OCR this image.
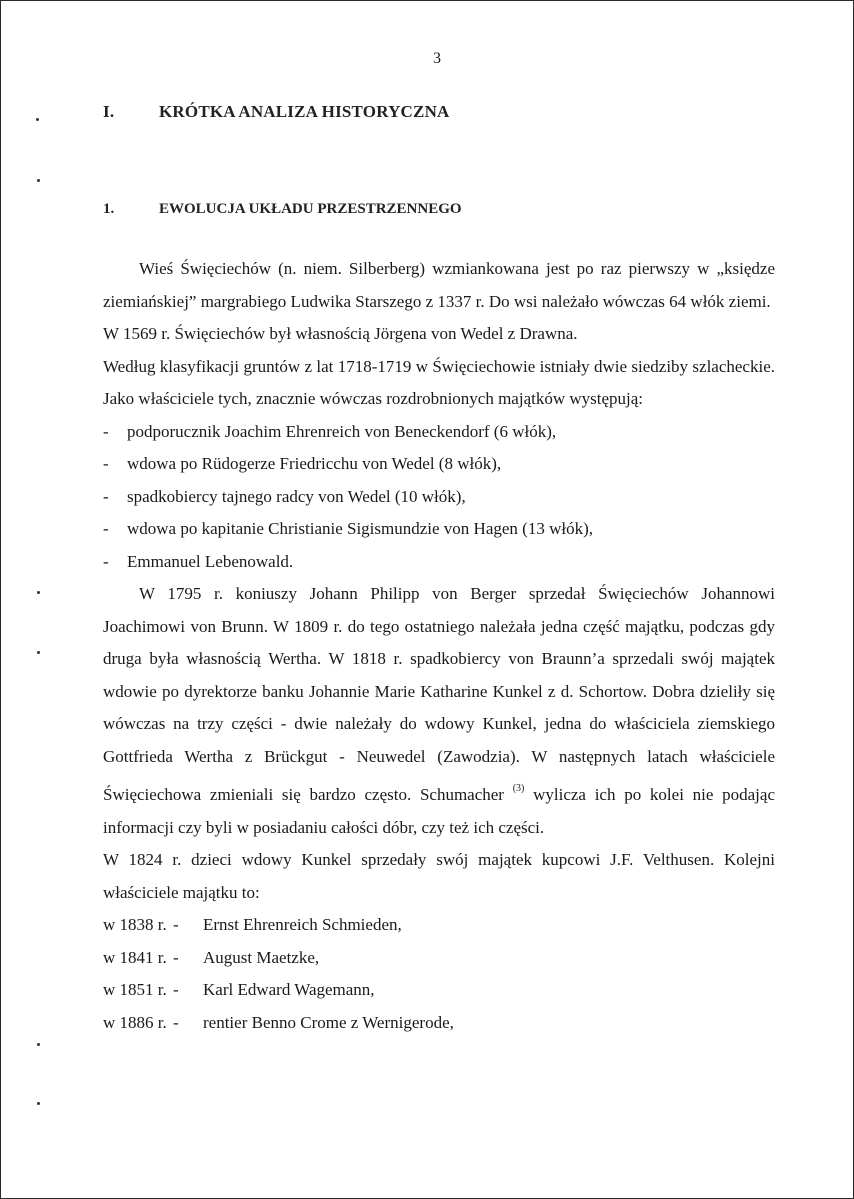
3
I.	KRÓTKA ANALIZA HISTORYCZNA
1.	EWOLUCJA UKŁADU PRZESTRZENNEGO

Wieś Święciechów (n. niem. Silberberg) wzmiankowana jest po raz pierwszy w „księdze ziemiańskiej” margrabiego Ludwika Starszego z 1337 r. Do wsi należało wówczas 64 włók ziemi.

W 1569 r. Święciechów był własnością Jörgena von Wedel z Drawna.

Według klasyfikacji gruntów z lat 1718-1719 w Święciechowie istniały dwie siedziby szlacheckie. Jako właściciele tych, znacznie wówczas rozdrobnionych majątków występują:

-	podporucznik Joachim Ehrenreich von Beneckendorf (6 włók),
-	wdowa po Rüdogerze Friedricchu von Wedel (8 włók),
-	spadkobiercy tajnego radcy von Wedel (10 włók),
-	wdowa po kapitanie Christianie Sigismundzie von Hagen (13 włók),
-	Emmanuel Lebenowald.

W 1795 r. koniuszy Johann Philipp von Berger sprzedał Święciechów Johannowi Joachimowi von Brunn. W 1809 r. do tego ostatniego należała jedna część majątku, podczas gdy druga była własnością Wertha. W 1818 r. spadkobiercy von Braunn’a sprzedali swój majątek wdowie po dyrektorze banku Johannie Marie Katharine Kunkel z d. Schortow. Dobra dzieliły się wówczas na trzy części - dwie należały do wdowy Kunkel, jedna do właściciela ziemskiego Gottfrieda Wertha z Brückgut - Neuwedel (Zawodzia). W następnych latach właściciele Święciechowa zmieniali się bardzo często. Schumacher $^{(3)}$ wylicza ich po kolei nie podając informacji czy byli w posiadaniu całości dóbr, czy też ich części.

W 1824 r. dzieci wdowy Kunkel sprzedały swój majątek kupcowi J.F. Velthusen. Kolejni właściciele majątku to:

w 1838 r. -	Ernst Ehrenreich Schmieden,
w 1841 r. -	August Maetzke,
w 1851 r. -	Karl Edward Wagemann,
w 1886 r. -	rentier Benno Crome z Wernigerode,
